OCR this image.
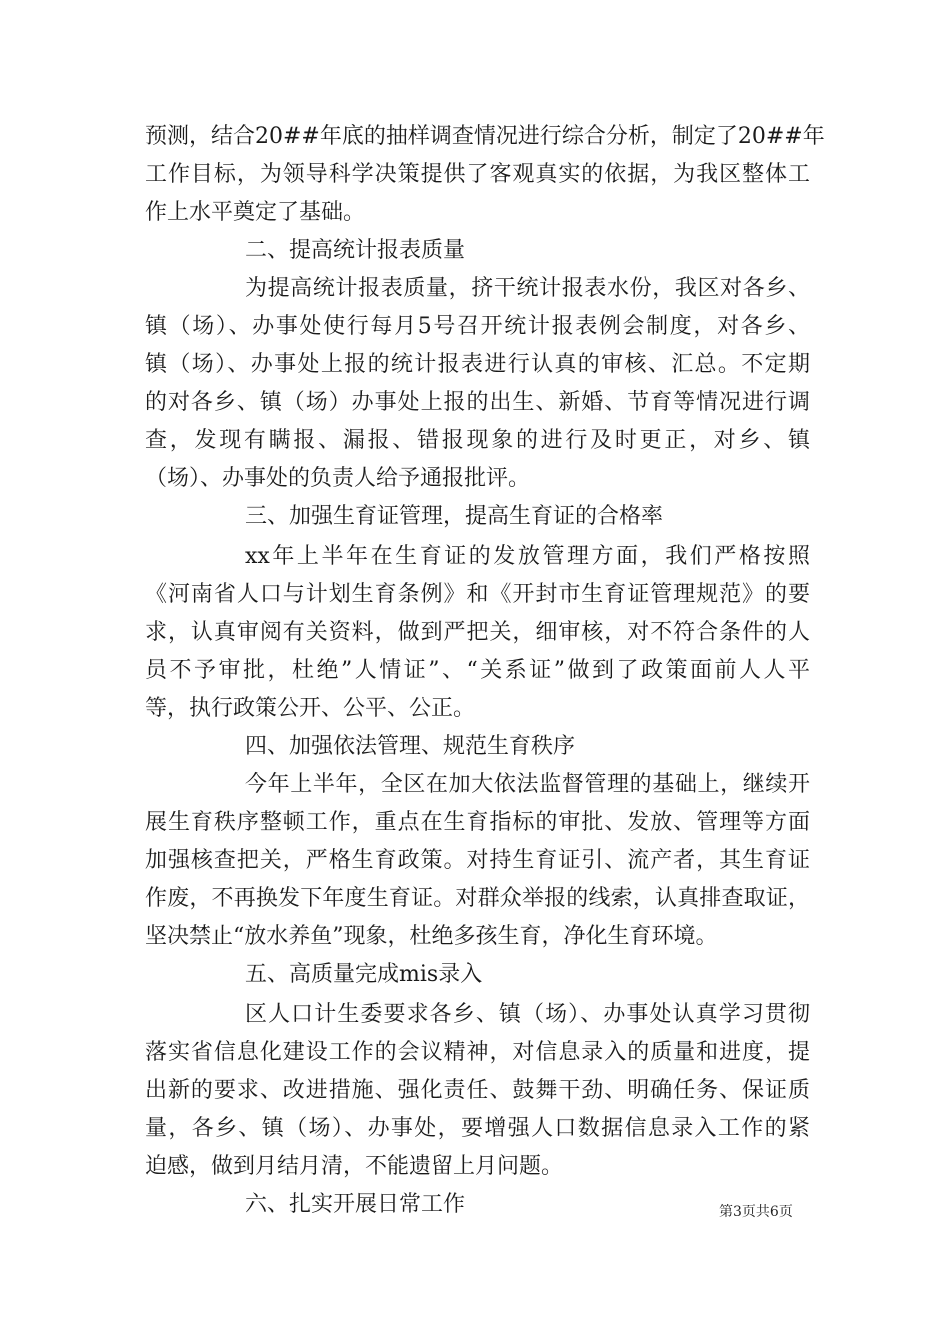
预测，结合20##年底的抽样调查情况进行综合分析，制定了20##年
工作目标，为领导科学决策提供了客观真实的依据，为我区整体工
作上水平奠定了基础。
二、提高统计报表质量
为提高统计报表质量，挤干统计报表水份，我区对各乡、
镇（场）、办事处使行每月5号召开统计报表例会制度，对各乡、
镇（场）、办事处上报的统计报表进行认真的审核、汇总。不定期
的对各乡、镇（场）办事处上报的出生、新婚、节育等情况进行调
查，发现有瞒报、漏报、错报现象的进行及时更正，对乡、镇
（场）、办事处的负责人给予通报批评。
三、加强生育证管理，提高生育证的合格率
xx年上半年在生育证的发放管理方面，我们严格按照
《河南省人口与计划生育条例》和《开封市生育证管理规范》的要
求，认真审阅有关资料，做到严把关，细审核，对不符合条件的人
员不予审批，杜绝”人情证”、“关系证”做到了政策面前人人平
等，执行政策公开、公平、公正。
四、加强依法管理、规范生育秩序
今年上半年，全区在加大依法监督管理的基础上，继续开
展生育秩序整顿工作，重点在生育指标的审批、发放、管理等方面
加强核查把关，严格生育政策。对持生育证引、流产者，其生育证
作废，不再换发下年度生育证。对群众举报的线索，认真排查取证，
坚决禁止“放水养鱼”现象，杜绝多孩生育，净化生育环境。
五、高质量完成mis录入
区人口计生委要求各乡、镇（场）、办事处认真学习贯彻
落实省信息化建设工作的会议精神，对信息录入的质量和进度，提
出新的要求、改进措施、强化责任、鼓舞干劲、明确任务、保证质
量，各乡、镇（场）、办事处，要增强人口数据信息录入工作的紧
迫感，做到月结月清，不能遗留上月问题。
六、扎实开展日常工作	第3页共6页
